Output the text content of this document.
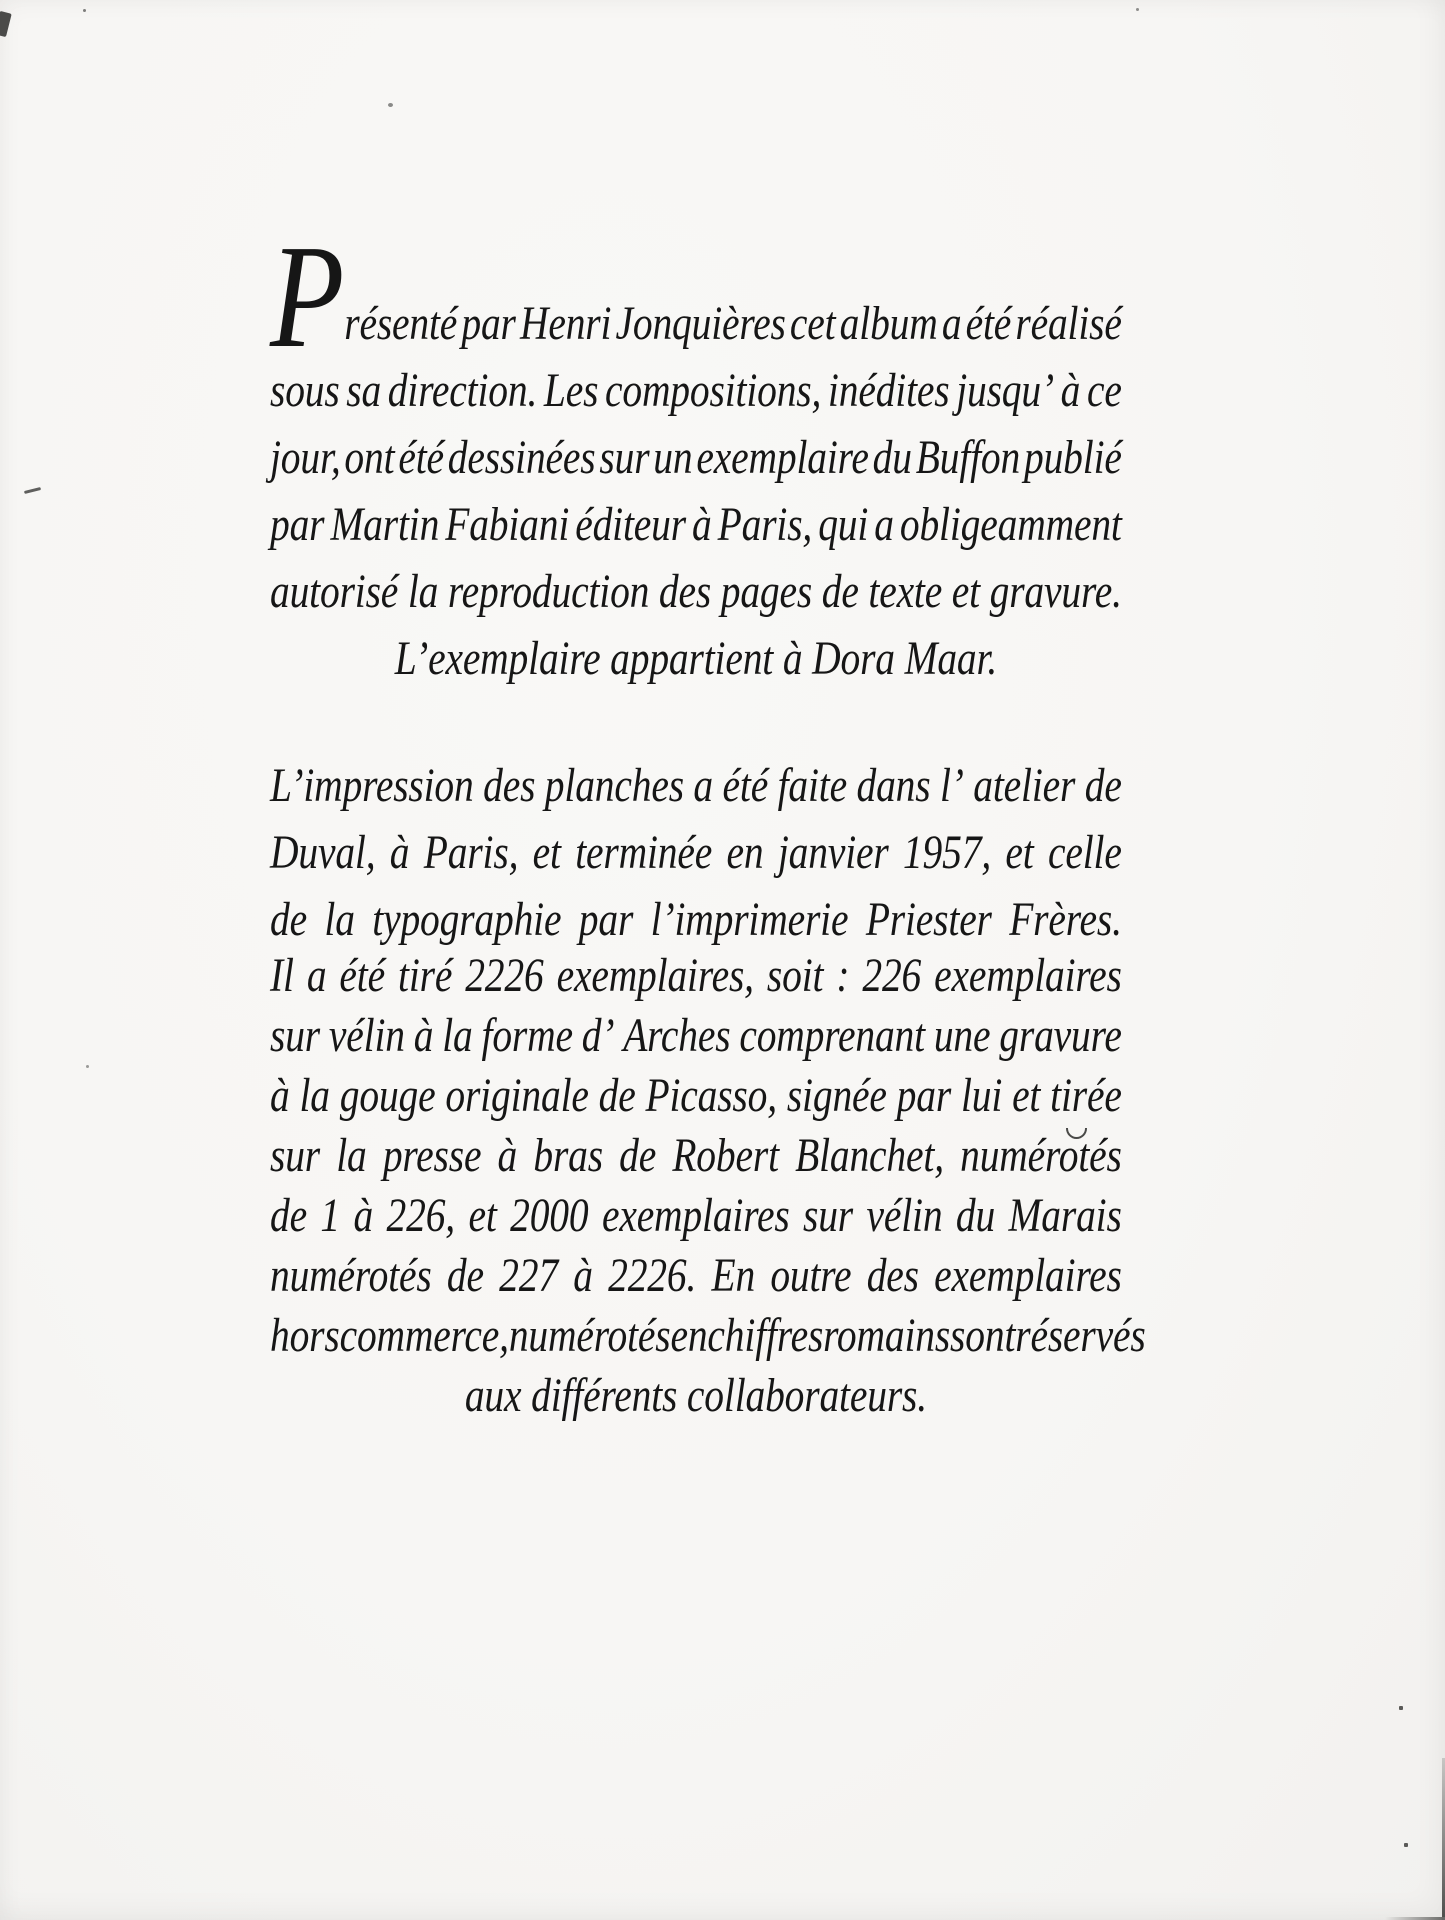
Présenté par Henri Jonquières cet album a été réalisé
sous sa direction. Les compositions, inédites jusqu’ à ce
jour, ont été dessinées sur un exemplaire du Buffon publié
par Martin Fabiani éditeur à Paris, qui a obligeamment
autorisé la reproduction des pages de texte et gravure.
L’exemplaire appartient à Dora Maar.
L’impression des planches a été faite dans l’ atelier de
Duval, à Paris, et terminée en janvier 1957, et celle
de la typographie par l’imprimerie Priester Frères.
Il a été tiré 2226 exemplaires, soit : 226 exemplaires
sur vélin à la forme d’ Arches comprenant une gravure
à la gouge originale de Picasso, signée par lui et tirée
sur la presse à bras de Robert Blanchet, numérotés
de 1 à 226, et 2000 exemplaires sur vélin du Marais
numérotés de 227 à 2226. En outre des exemplaires
hors commerce, numérotés en chiffres romains sont réservés
aux différents collaborateurs.
